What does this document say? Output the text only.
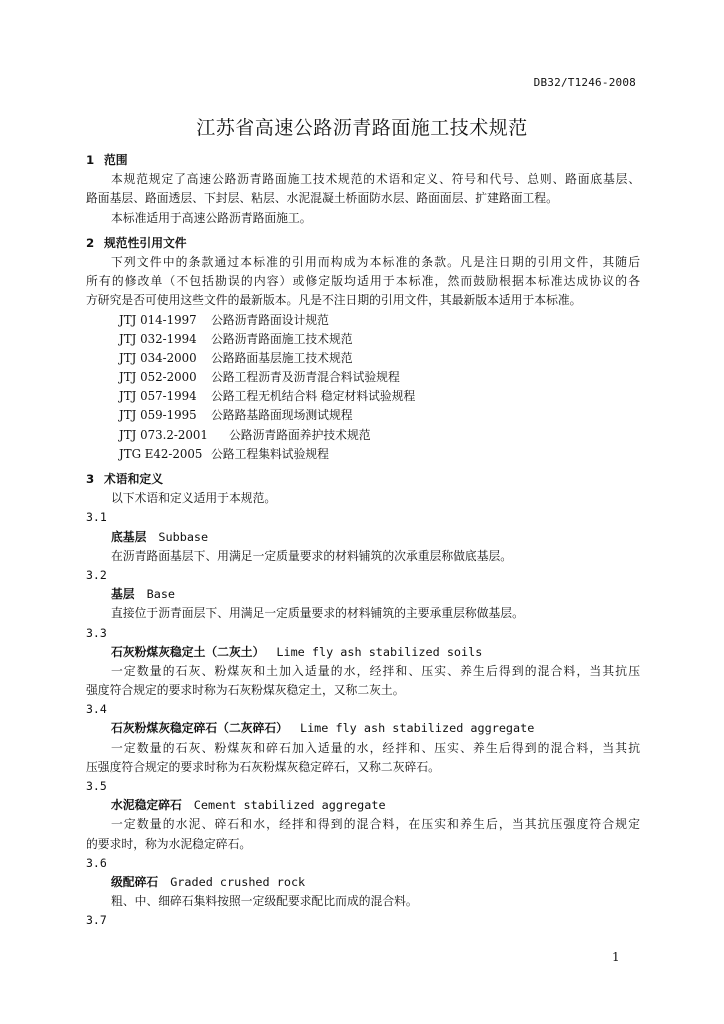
DB32/T1246-2008
江苏省高速公路沥青路面施工技术规范
1 范围
本规范规定了高速公路沥青路面施工技术规范的术语和定义、符号和代号、总则、路面底基层、
路面基层、路面透层、下封层、粘层、水泥混凝土桥面防水层、路面面层、扩建路面工程。
本标准适用于高速公路沥青路面施工。
2 规范性引用文件
下列文件中的条款通过本标准的引用而构成为本标准的条款。凡是注日期的引用文件，其随后
所有的修改单（不包括勘误的内容）或修定版均适用于本标准，然而鼓励根据本标准达成协议的各
方研究是否可使用这些文件的最新版本。凡是不注日期的引用文件，其最新版本适用于本标准。
JTJ 014-1997 公路沥青路面设计规范
JTJ 032-1994 公路沥青路面施工技术规范
JTJ 034-2000 公路路面基层施工技术规范
JTJ 052-2000 公路工程沥青及沥青混合料试验规程
JTJ 057-1994 公路工程无机结合料 稳定材料试验规程
JTJ 059-1995 公路路基路面现场测试规程
JTJ 073.2-2001 公路沥青路面养护技术规范
JTG E42-2005 公路工程集料试验规程
3 术语和定义
以下术语和定义适用于本规范。
3.1
底基层 Subbase
在沥青路面基层下、用满足一定质量要求的材料铺筑的次承重层称做底基层。
3.2
基层 Base
直接位于沥青面层下、用满足一定质量要求的材料铺筑的主要承重层称做基层。
3.3
石灰粉煤灰稳定土（二灰土） Lime fly ash stabilized soils
一定数量的石灰、粉煤灰和土加入适量的水，经拌和、压实、养生后得到的混合料，当其抗压
强度符合规定的要求时称为石灰粉煤灰稳定土，又称二灰土。
3.4
石灰粉煤灰稳定碎石（二灰碎石） Lime fly ash stabilized aggregate
一定数量的石灰、粉煤灰和碎石加入适量的水，经拌和、压实、养生后得到的混合料，当其抗
压强度符合规定的要求时称为石灰粉煤灰稳定碎石，又称二灰碎石。
3.5
水泥稳定碎石 Cement stabilized aggregate
一定数量的水泥、碎石和水，经拌和得到的混合料，在压实和养生后，当其抗压强度符合规定
的要求时，称为水泥稳定碎石。
3.6
级配碎石 Graded crushed rock
粗、中、细碎石集料按照一定级配要求配比而成的混合料。
3.7
1
